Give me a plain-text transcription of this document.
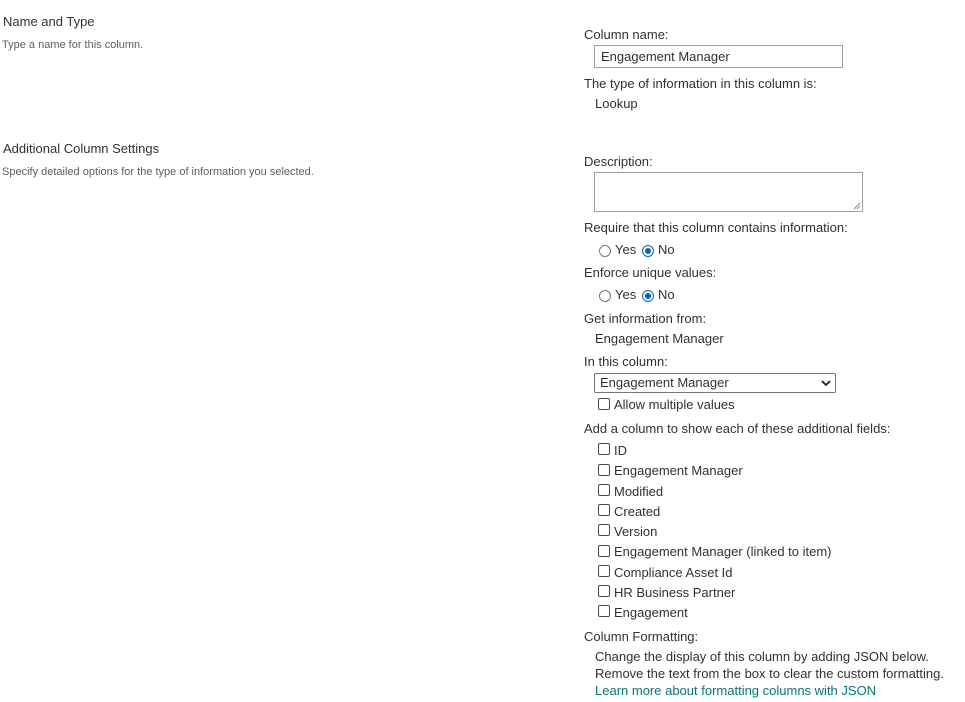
Name and Type
Type a name for this column.
Additional Column Settings
Specify detailed options for the type of information you selected.
Column name:
Engagement Manager
The type of information in this column is:
Lookup
Description:
Require that this column contains information:
Yes No
Enforce unique values:
Yes No
Get information from:
Engagement Manager
In this column:
Engagement Manager
Allow multiple values
Add a column to show each of these additional fields:
ID
Engagement Manager
Modified
Created
Version
Engagement Manager (linked to item)
Compliance Asset Id
HR Business Partner
Engagement
Column Formatting:
Change the display of this column by adding JSON below.
Remove the text from the box to clear the custom formatting.
Learn more about formatting columns with JSON
